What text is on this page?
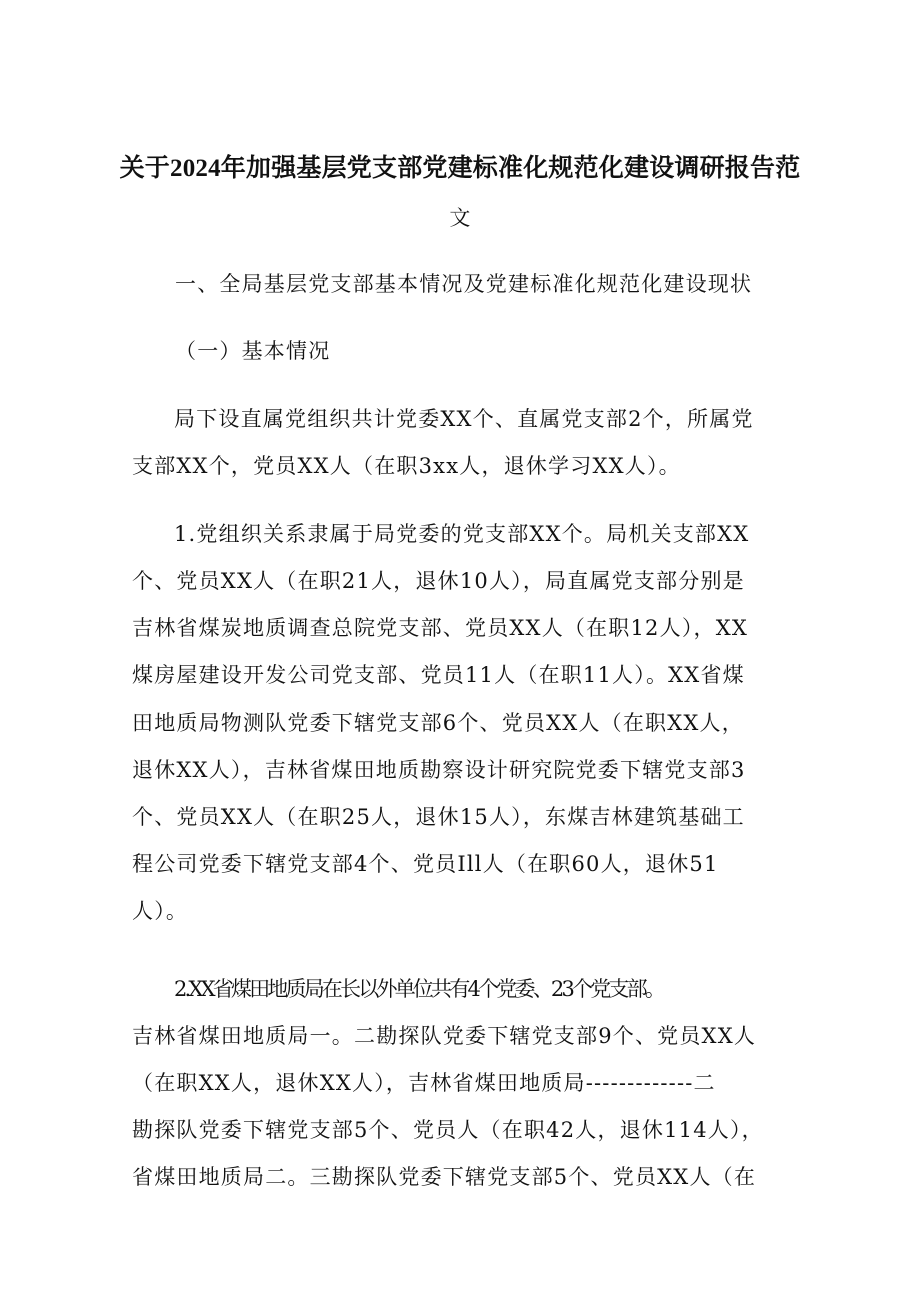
关于2024年加强基层党支部党建标准化规范化建设调研报告范
文
一、全局基层党支部基本情况及党建标准化规范化建设现状
（一）基本情况
局下设直属党组织共计党委XX个、直属党支部2个，所属党
支部XX个，党员XX人（在职3xx人，退休学习XX人）。
1.党组织关系隶属于局党委的党支部XX个。局机关支部XX
个、党员XX人（在职21人，退休10人），局直属党支部分别是
吉林省煤炭地质调查总院党支部、党员XX人（在职12人），XX
煤房屋建设开发公司党支部、党员11人（在职11人）。XX省煤
田地质局物测队党委下辖党支部6个、党员XX人（在职XX人，
退休XX人），吉林省煤田地质勘察设计研究院党委下辖党支部3
个、党员XX人（在职25人，退休15人），东煤吉林建筑基础工
程公司党委下辖党支部4个、党员Ill人（在职60人，退休51
人）。
2.XX省煤田地质局在长以外单位共有4个党委、23个党支部。
吉林省煤田地质局一。二勘探队党委下辖党支部9个、党员XX人
（在职XX人，退休XX人），吉林省煤田地质局-------------二
勘探队党委下辖党支部5个、党员人（在职42人，退休114人），
省煤田地质局二。三勘探队党委下辖党支部5个、党员XX人（在
